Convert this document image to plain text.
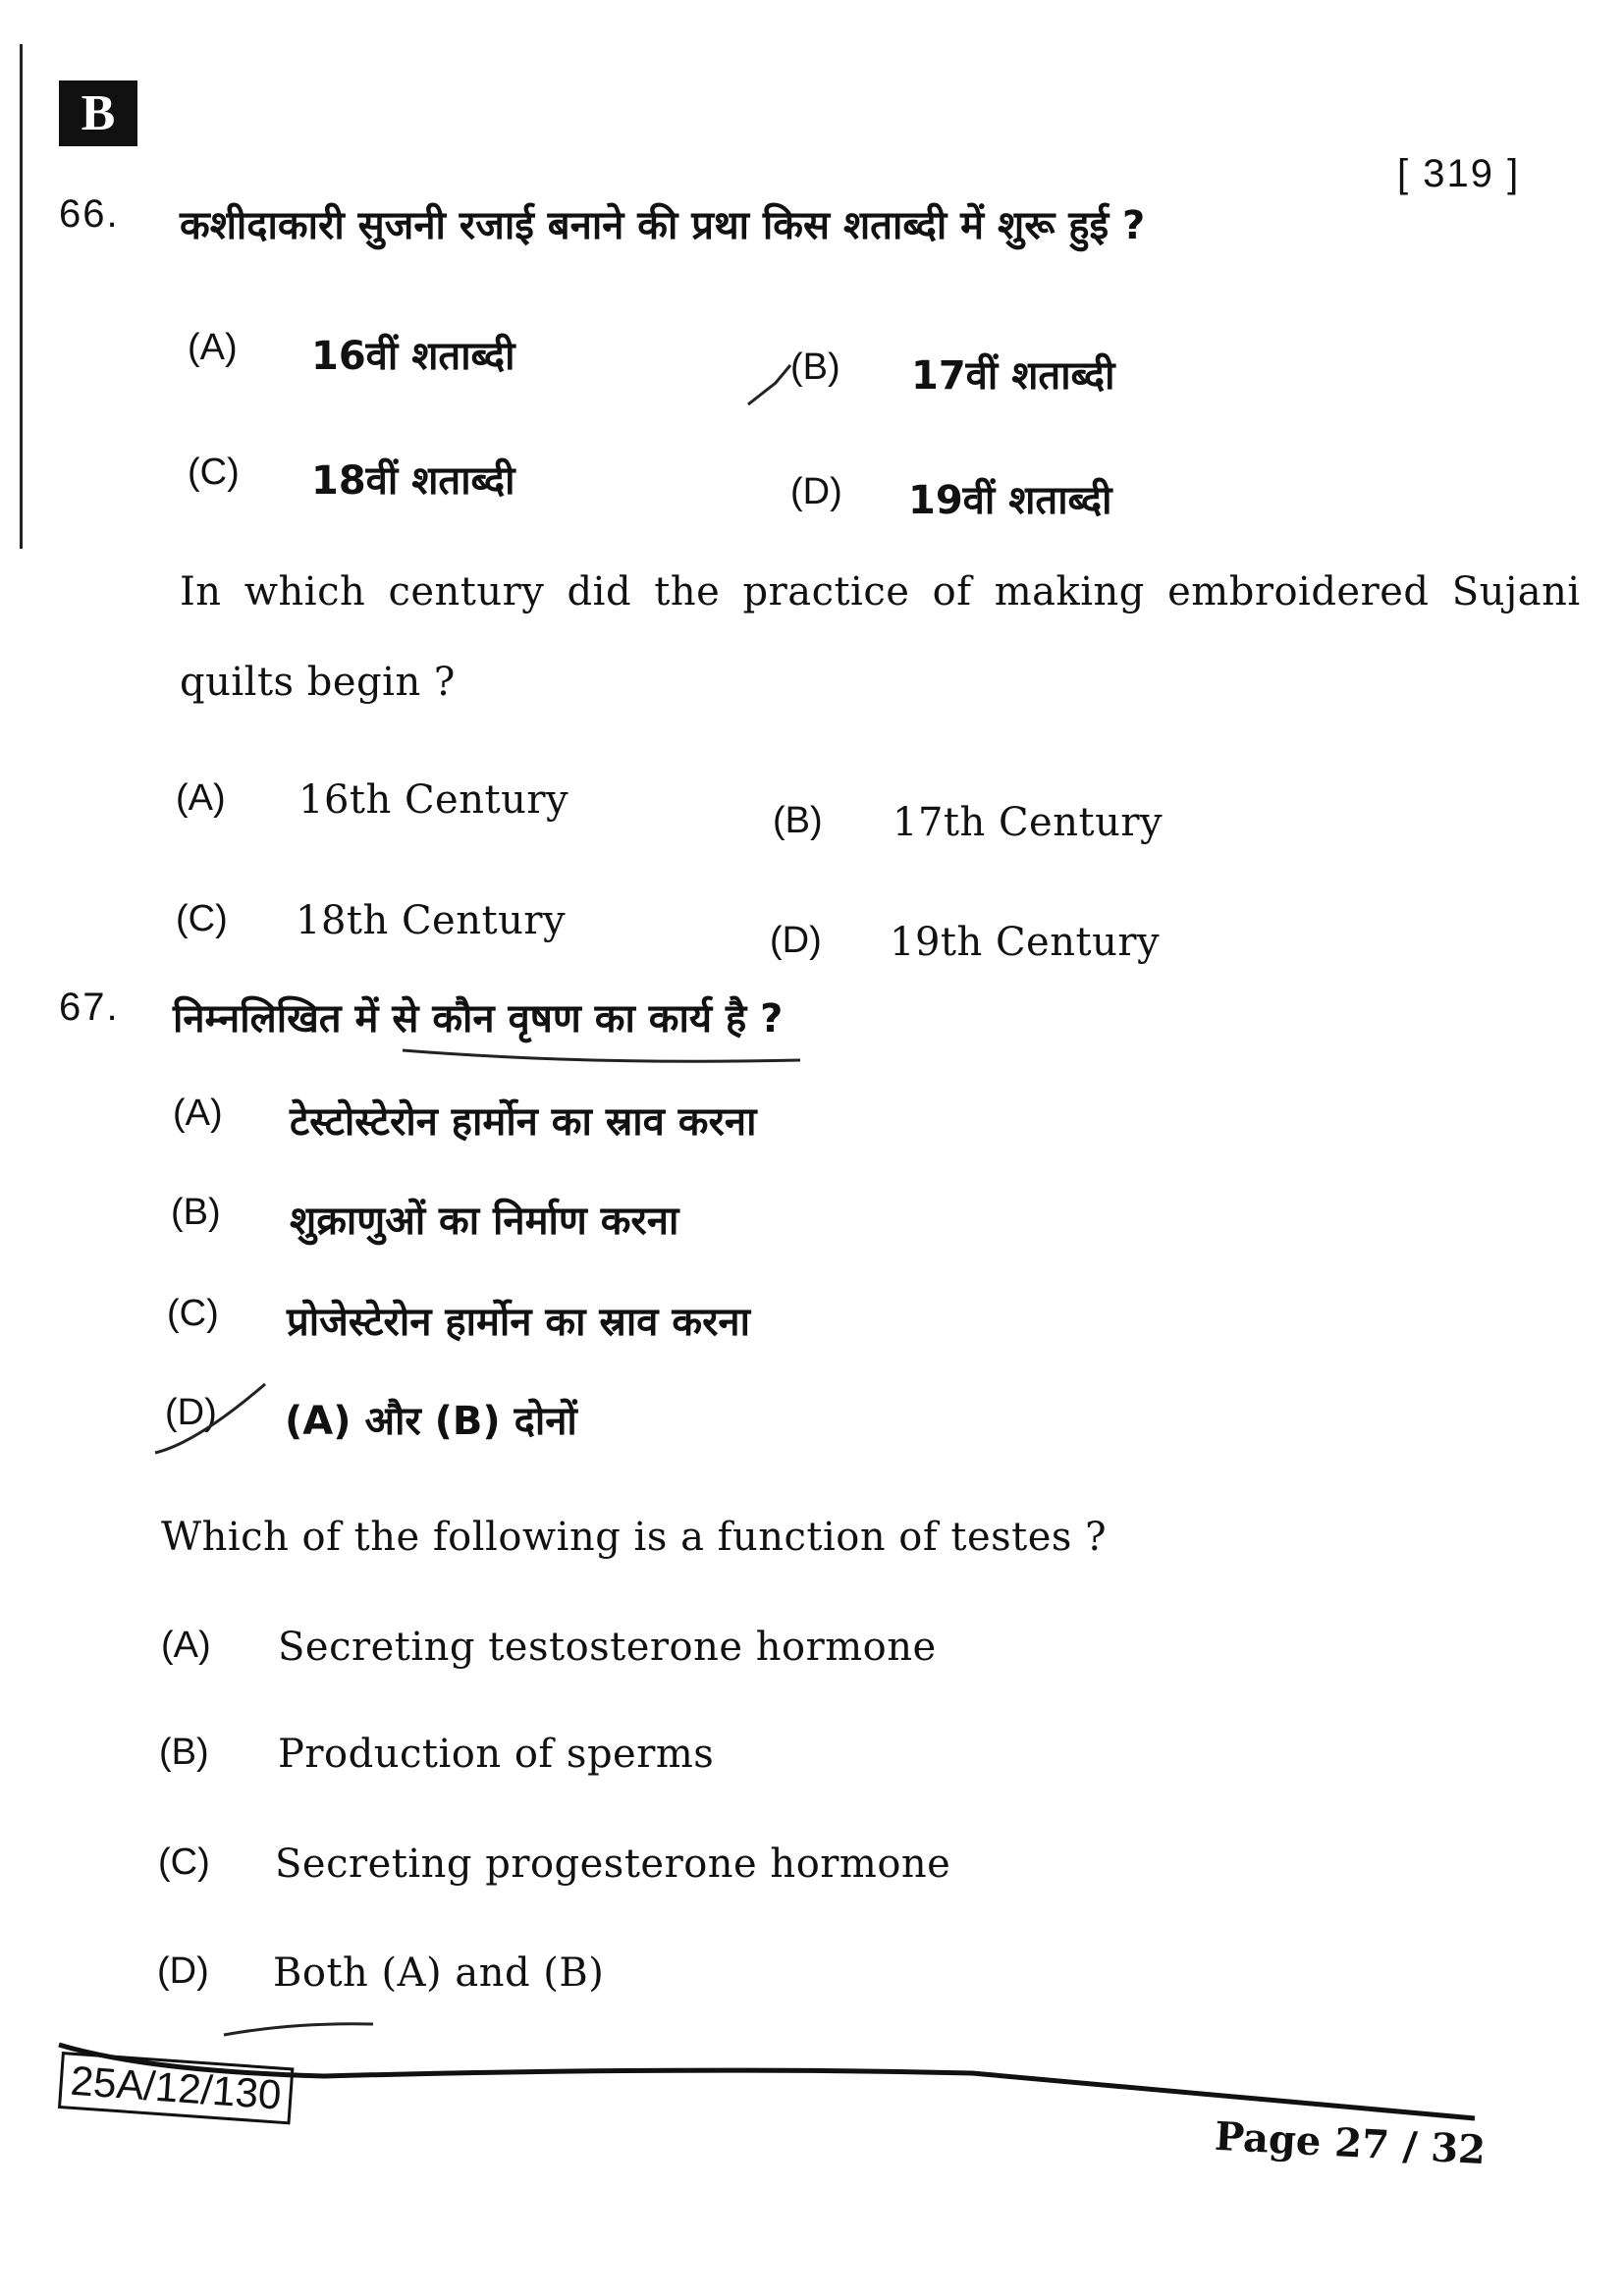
B
[ 319 ]
66. कशीदाकारी सुजनी रजाई बनाने की प्रथा किस शताब्दी में शुरू हुई ?
(A) 16वीं शताब्दी	(B) 17वीं शताब्दी
(C) 18वीं शताब्दी	(D) 19वीं शताब्दी
In which century did the practice of making embroidered Sujani
quilts begin ?
(A) 16th Century	(B) 17th Century
(C) 18th Century	(D) 19th Century
67. निम्नलिखित में से कौन वृषण का कार्य है ?
(A) टेस्टोस्टेरोन हार्मोन का स्राव करना
(B) शुक्राणुओं का निर्माण करना
(C) प्रोजेस्टेरोन हार्मोन का स्राव करना
(D) (A) और (B) दोनों
Which of the following is a function of testes ?
(A) Secreting testosterone hormone
(B) Production of sperms
(C) Secreting progesterone hormone
(D) Both (A) and (B)
25A/12/130
Page 27 / 32
